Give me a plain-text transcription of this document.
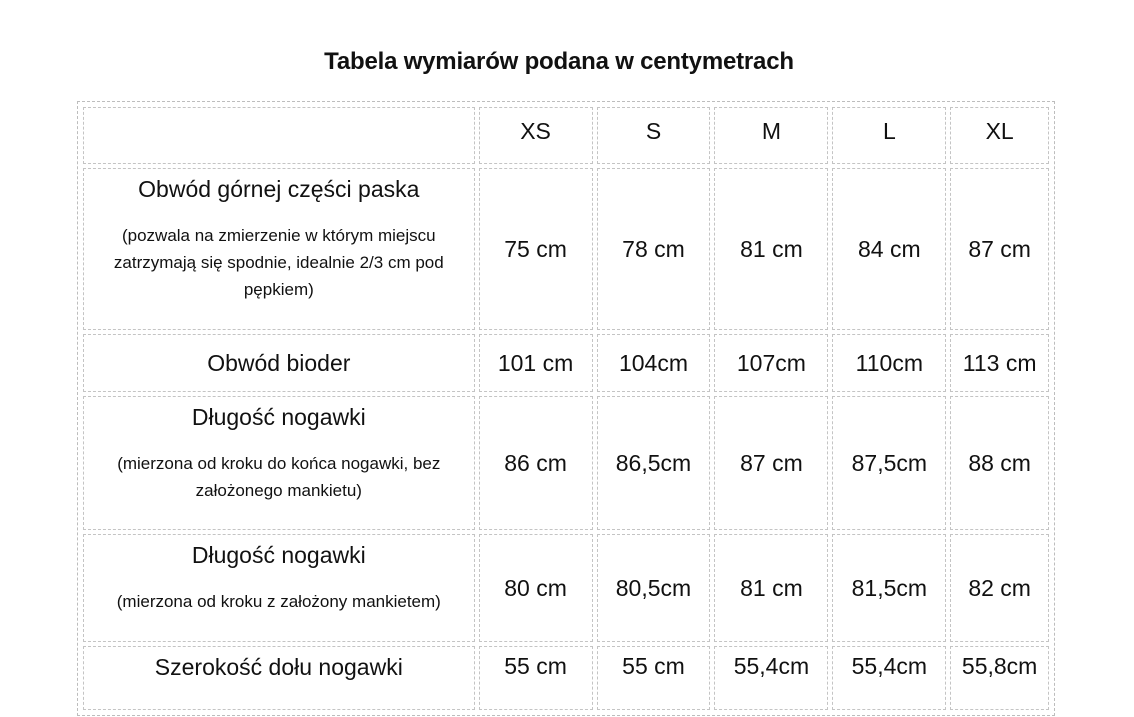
Tabela wymiarów podana w centymetrach
	XS	S	M	L	XL

Obwód górnej części paska
(pozwala na zmierzenie w którym miejscu zatrzymają się spodnie, idealnie 2/3 cm pod pępkiem)	75 cm	78 cm	81 cm	84 cm	87 cm

Obwód bioder	101 cm	104cm	107cm	110cm	113 cm

Długość nogawki
(mierzona od kroku do końca nogawki, bez założonego mankietu)	86 cm	86,5cm	87 cm	87,5cm	88 cm

Długość nogawki
(mierzona od kroku z założony mankietem)	80 cm	80,5cm	81 cm	81,5cm	82 cm

Szerokość dołu nogawki	55 cm	55 cm	55,4cm	55,4cm	55,8cm
